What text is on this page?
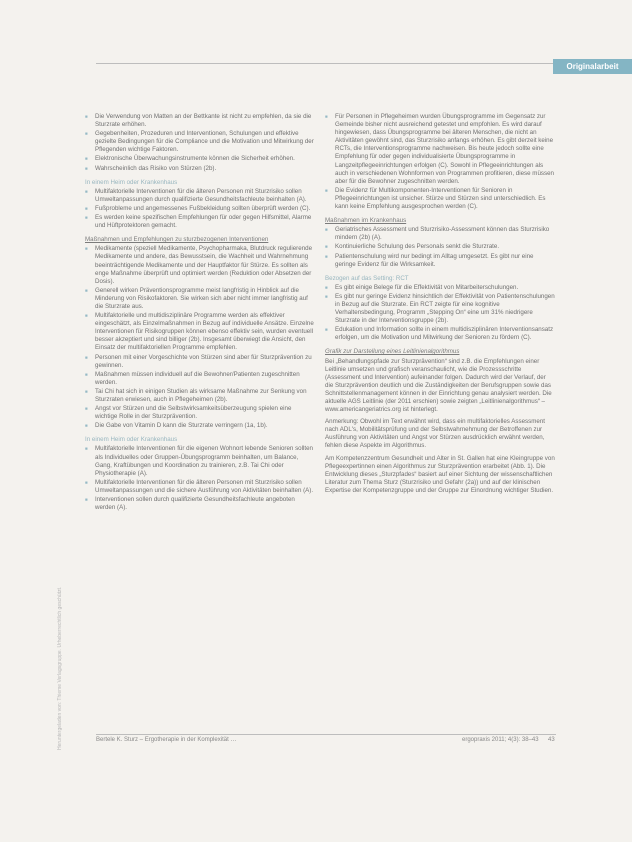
Originalarbeit
Heruntergeladen von: Thieme Verlagsgruppe. Urheberrechtlich geschützt.
■ Die Verwendung von Matten an der Bettkante ist nicht zu empfehlen, da sie die Sturzrate erhöhen.
■ Gegebenheiten, Prozeduren und Interventionen, Schulungen und effektive gezielte Bedingungen für die Compliance und die Motivation und Mitwirkung der Pflegenden wichtige Faktoren.
■ Elektronische Überwachungsinstrumente können die Sicherheit erhöhen.
■ Wahrscheinlich das Risiko von Stürzen (2b).
In einem Heim oder Krankenhaus
■ Multifaktorielle Interventionen für die älteren Personen mit Sturzrisiko sollen Umweltanpassungen durch qualifizierte Gesundheitsfachleute beinhalten (A).
■ Fußprobleme und angemessenes Fußbekleidung sollten überprüft werden (C).
■ Es werden keine spezifischen Empfehlungen für oder gegen Hilfsmittel, Alarme und Hüftprotektoren gemacht.
Maßnahmen und Empfehlungen zu sturzbezogenen Interventionen
■ Medikamente (speziell Medikamente, Psychopharmaka, Blutdruck regulierende Medikamente und andere, das Bewusstsein, die Wachheit und Wahrnehmung beeinträchtigende Medikamente und der Hauptfaktor für Stürze. Es sollten als enge Maßnahme überprüft und optimiert werden (Reduktion oder Absetzen der Dosis).
■ Generell wirken Präventionsprogramme meist langfristig in Hinblick auf die Minderung von Risikofaktoren. Sie wirken sich aber nicht immer langfristig auf die Sturzrate aus.
■ Multifaktorielle und multidisziplinäre Programme werden als effektiver eingeschätzt, als Einzelmaßnahmen in Bezug auf individuelle Ansätze. Einzelne Interventionen für Risikogruppen können ebenso effektiv sein, wurden eventuell besser akzeptiert und sind billiger (2b). Insgesamt überwiegt die Ansicht, den Einsatz der multifaktoriellen Programme empfehlen.
■ Personen mit einer Vorgeschichte von Stürzen sind aber für Sturzprävention zu gewinnen.
■ Maßnahmen müssen individuell auf die Bewohner/Patienten zugeschnitten werden.
■ Tai Chi hat sich in einigen Studien als wirksame Maßnahme zur Senkung von Sturzraten erwiesen, auch in Pflegeheimen (2b).
■ Angst vor Stürzen und die Selbstwirksamkeitsüberzeugung spielen eine wichtige Rolle in der Sturzprävention.
■ Die Gabe von Vitamin D kann die Sturzrate verringern (1a, 1b).
In einem Heim oder Krankenhaus
■ Multifaktorielle Interventionen für die eigenen Wohnort lebende Senioren sollten als Individuelles oder Gruppen-Übungsprogramm beinhalten, um Balance, Gang, Kraftübungen und Koordination zu trainieren, z.B. Tai Chi oder Physiotherapie (A).
■ Multifaktorielle Interventionen für die älteren Personen mit Sturzrisiko sollen Umweltanpassungen und die sichere Ausführung von Aktivitäten beinhalten (A).
■ Interventionen sollen durch qualifizierte Gesundheitsfachleute angeboten werden (A).
■ Für Personen in Pflegeheimen wurden Übungsprogramme im Gegensatz zur Gemeinde bisher nicht ausreichend getestet und empfohlen. Es wird darauf hingewiesen, dass Übungsprogramme bei älteren Menschen, die nicht an Aktivitäten gewöhnt sind, das Sturzrisiko anfangs erhöhen. Es gibt derzeit keine RCTs, die Interventionsprogramme nachweisen. Bis heute jedoch sollte eine Empfehlung für oder gegen individualisierte Übungsprogramme in Langzeitpflegeeinrichtungen erfolgen (C). Sowohl in Pflegeeinrichtungen als auch in verschiedenen Wohnformen von Programmen profitieren, diese müssen aber für die Bewohner zugeschnitten werden.
■ Die Evidenz für Multikomponenten-Interventionen für Senioren in Pflegeeinrichtungen ist unsicher. Stürze und Stürzen sind unterschiedlich. Es kann keine Empfehlung ausgesprochen werden (C).
Maßnahmen im Krankenhaus
■ Geriatrisches Assessment und Sturzrisiko-Assessment können das Sturzrisiko mindern (2b) (A).
■ Kontinuierliche Schulung des Personals senkt die Sturzrate.
■ Patientenschulung wird nur bedingt im Alltag umgesetzt. Es gibt nur eine geringe Evidenz für die Wirksamkeit.
Bezogen auf das Setting: RCT
■ Es gibt einige Belege für die Effektivität von Mitarbeiterschulungen.
■ Es gibt nur geringe Evidenz hinsichtlich der Effektivität von Patientenschulungen in Bezug auf die Sturzrate. Ein RCT zeigte für eine kognitive Verhaltensbedingung, Programm „Stepping On“ eine um 31% niedrigere Sturzrate in der Interventionsgruppe (2b).
■ Edukation und Information sollte in einem multidisziplinären Interventionsansatz erfolgen, um die Motivation und Mitwirkung der Senioren zu fördern (C).
Grafik zur Darstellung eines Leitlinienalgorithmus

Bei „Behandlungspfade zur Sturzprävention“ sind z.B. die Empfehlungen einer Leitlinie umsetzen und grafisch veranschaulicht, wie die Prozessschritte (Assessment und Intervention) aufeinander folgen. Dadurch wird der Verlauf, der die Sturzprävention deutlich und die Zuständigkeiten der Berufsgruppen sowie das Schnittstellenmanagement können in der Einrichtung genau analysiert werden. Die aktuelle AGS Leitlinie (der 2011 erschien) sowie zeigten „Leitlinienalgorithmus“ – www.americangeriatrics.org ist hinterlegt.

Anmerkung: Obwohl im Text erwähnt wird, dass ein multifaktorielles Assessment nach ADL's, Mobilitätsprüfung und der Selbstwahrnehmung der Betroffenen zur Ausführung von Aktivitäten und Angst vor Stürzen ausdrücklich erwähnt werden, fehlen diese Aspekte im Algorithmus.

Am Kompetenzzentrum Gesundheit und Alter in St. Gallen hat eine Kleingruppe von Pflegeexpertinnen einen Algorithmus zur Sturzprävention erarbeitet (Abb. 1). Die Entwicklung dieses „Sturzpfades“ basiert auf einer Sichtung der wissenschaftlichen Literatur zum Thema Sturz (Sturzrisiko und Gefahr (2a)) und auf der klinischen Expertise der Kompetenzgruppe und der Gruppe zur Einordnung wichtiger Studien.

Bertele K. Sturz – Ergotherapie in der Komplexität …	ergopraxis 2011; 4(3): 38–43 43
